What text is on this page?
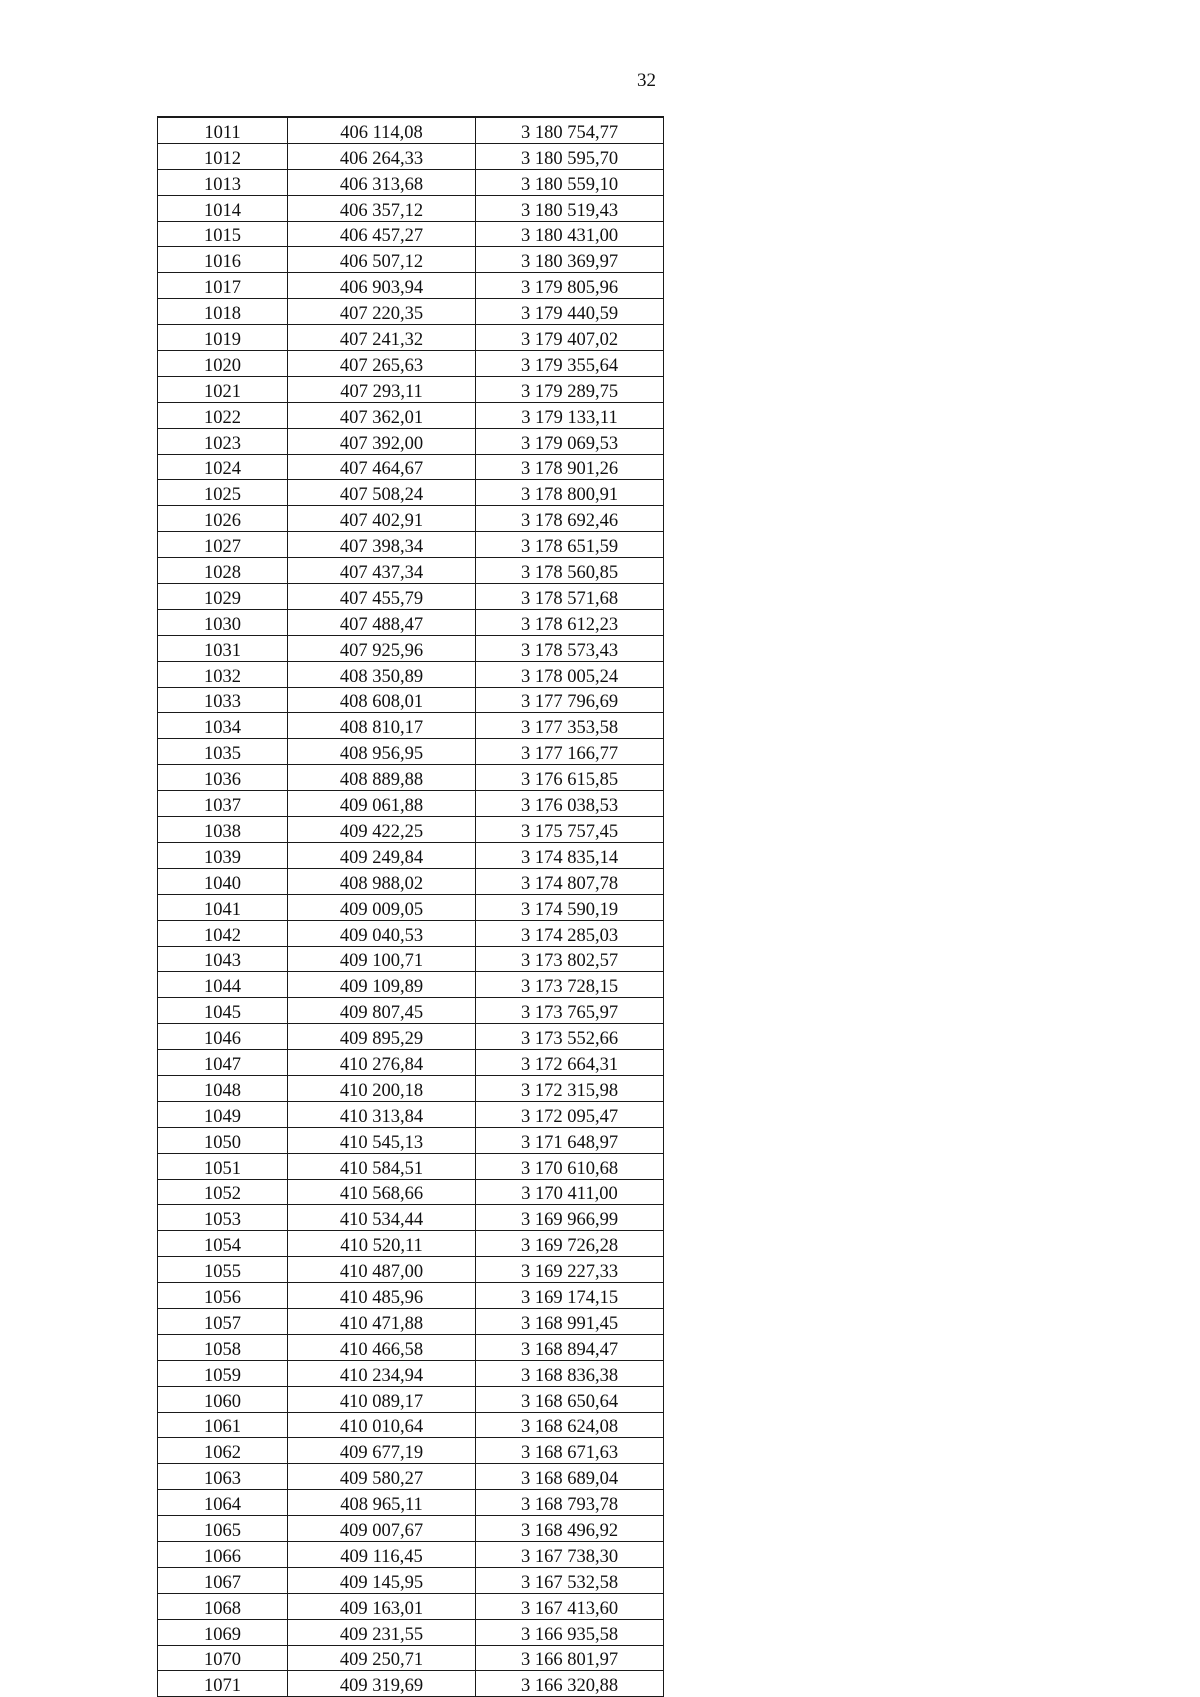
32
1011	406 114,08	3 180 754,77
1012	406 264,33	3 180 595,70
1013	406 313,68	3 180 559,10
1014	406 357,12	3 180 519,43
1015	406 457,27	3 180 431,00
1016	406 507,12	3 180 369,97
1017	406 903,94	3 179 805,96
1018	407 220,35	3 179 440,59
1019	407 241,32	3 179 407,02
1020	407 265,63	3 179 355,64
1021	407 293,11	3 179 289,75
1022	407 362,01	3 179 133,11
1023	407 392,00	3 179 069,53
1024	407 464,67	3 178 901,26
1025	407 508,24	3 178 800,91
1026	407 402,91	3 178 692,46
1027	407 398,34	3 178 651,59
1028	407 437,34	3 178 560,85
1029	407 455,79	3 178 571,68
1030	407 488,47	3 178 612,23
1031	407 925,96	3 178 573,43
1032	408 350,89	3 178 005,24
1033	408 608,01	3 177 796,69
1034	408 810,17	3 177 353,58
1035	408 956,95	3 177 166,77
1036	408 889,88	3 176 615,85
1037	409 061,88	3 176 038,53
1038	409 422,25	3 175 757,45
1039	409 249,84	3 174 835,14
1040	408 988,02	3 174 807,78
1041	409 009,05	3 174 590,19
1042	409 040,53	3 174 285,03
1043	409 100,71	3 173 802,57
1044	409 109,89	3 173 728,15
1045	409 807,45	3 173 765,97
1046	409 895,29	3 173 552,66
1047	410 276,84	3 172 664,31
1048	410 200,18	3 172 315,98
1049	410 313,84	3 172 095,47
1050	410 545,13	3 171 648,97
1051	410 584,51	3 170 610,68
1052	410 568,66	3 170 411,00
1053	410 534,44	3 169 966,99
1054	410 520,11	3 169 726,28
1055	410 487,00	3 169 227,33
1056	410 485,96	3 169 174,15
1057	410 471,88	3 168 991,45
1058	410 466,58	3 168 894,47
1059	410 234,94	3 168 836,38
1060	410 089,17	3 168 650,64
1061	410 010,64	3 168 624,08
1062	409 677,19	3 168 671,63
1063	409 580,27	3 168 689,04
1064	408 965,11	3 168 793,78
1065	409 007,67	3 168 496,92
1066	409 116,45	3 167 738,30
1067	409 145,95	3 167 532,58
1068	409 163,01	3 167 413,60
1069	409 231,55	3 166 935,58
1070	409 250,71	3 166 801,97
1071	409 319,69	3 166 320,88
